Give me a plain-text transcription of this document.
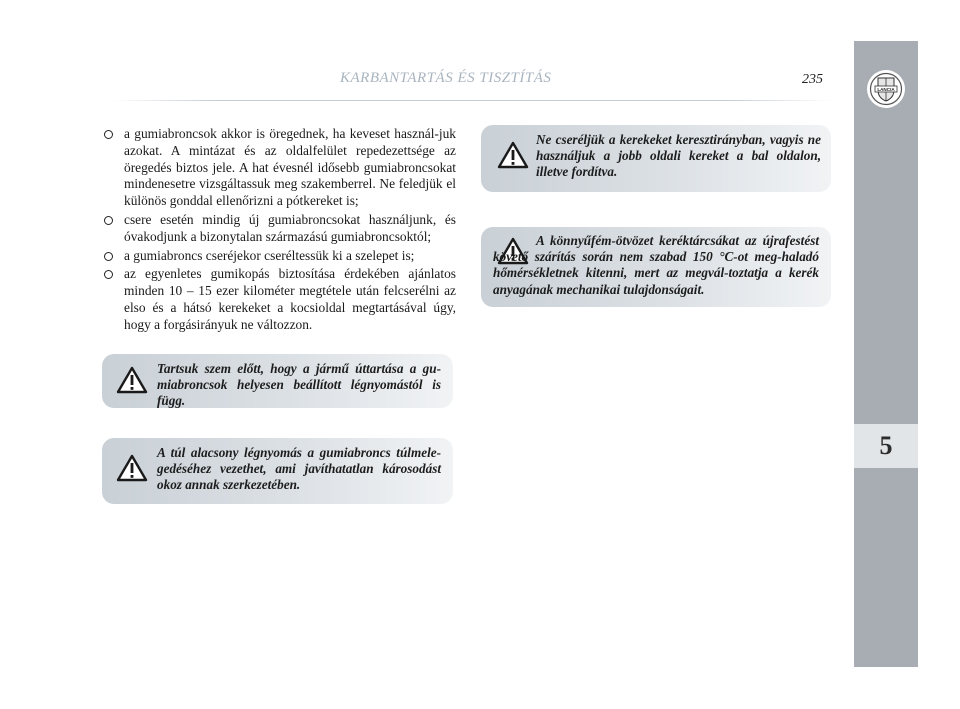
KARBANTARTÁS ÉS TISZTÍTÁS	235
LANCIA
5
a gumiabroncsok akkor is öregednek, ha keveset használ-juk azokat. A mintázat és az oldalfelület repedezettsége az öregedés biztos jele. A hat évesnél idősebb gumiabroncsokat mindenesetre vizsgáltassuk meg szakemberrel. Ne feledjük el különös gonddal ellenőrizni a pótkereket is;
csere esetén mindig új gumiabroncsokat használjunk, és óvakodjunk a bizonytalan származású gumiabroncsoktól;
a gumiabroncs cseréjekor cseréltessük ki a szelepet is;
az egyenletes gumikopás biztosítása érdekében ajánlatos minden 10 – 15 ezer kilométer megtétele után felcserélni az elso és a hátsó kerekeket a kocsioldal megtartásával úgy, hogy a forgásirányuk ne változzon.
Tartsuk szem előtt, hogy a jármű úttartása a gu-miabroncsok helyesen beállított légnyomástól is függ.
A túl alacsony légnyomás a gumiabroncs túlmele-gedéséhez vezethet, ami javíthatatlan károsodást okoz annak szerkezetében.
Ne cseréljük a kerekeket keresztirányban, vagyis ne használjuk a jobb oldali kereket a bal oldalon, illetve fordítva.
A könnyűfém-ötvözet keréktárcsákat az újrafestést követő szárítás során nem szabad 150 °C-ot meg-haladó hőmérsékletnek kitenni, mert az megvál-toztatja a kerék anyagának mechanikai tulajdonságait.
